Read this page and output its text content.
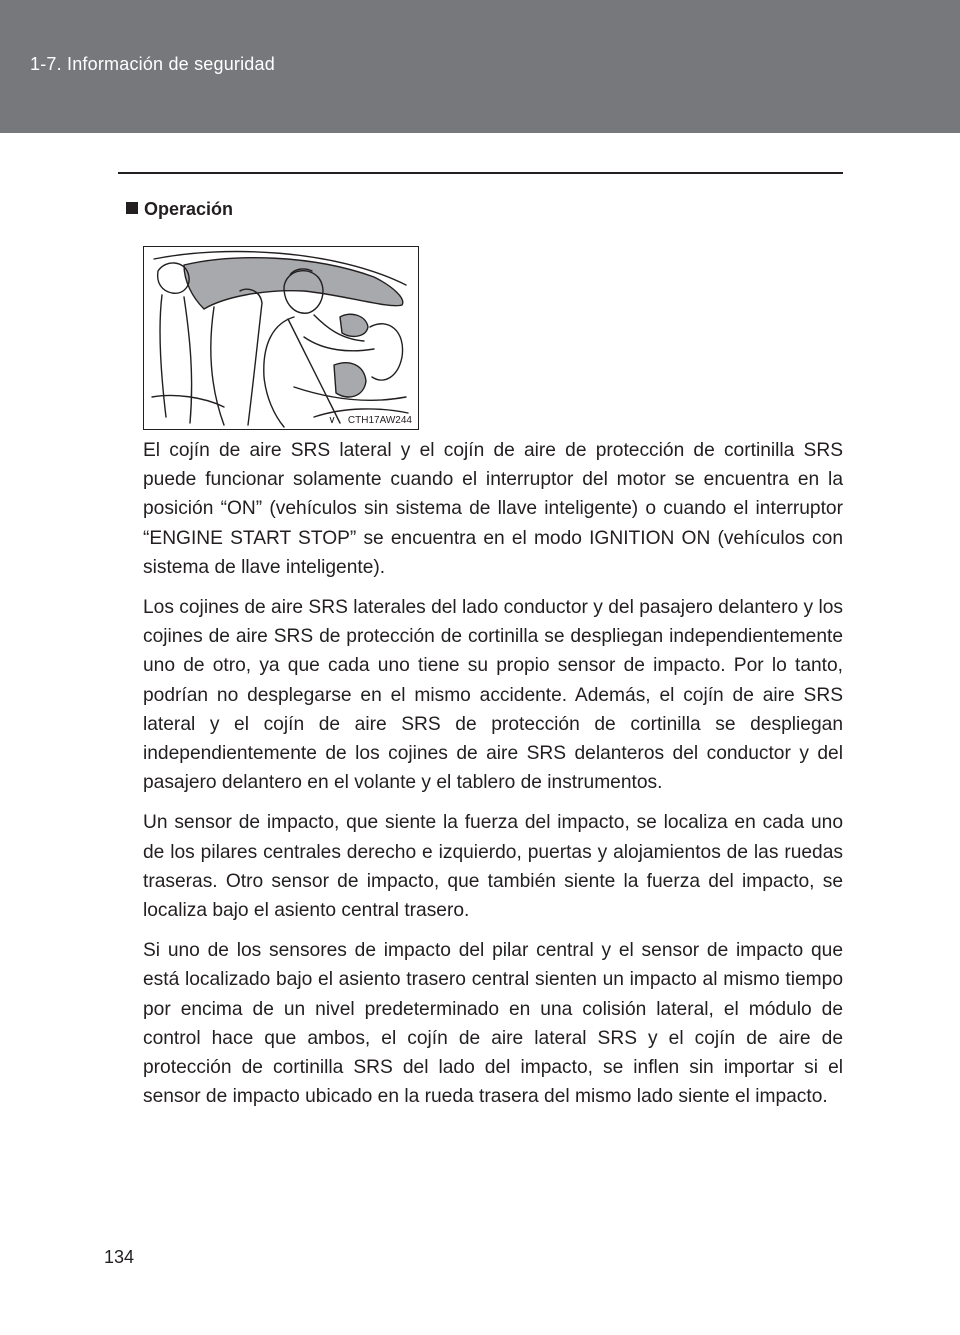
1-7. Información de seguridad
Operación
CTH17AW244

El cojín de aire SRS lateral y el cojín de aire de protección de cortinilla SRS puede funcionar solamente cuando el interruptor del motor se encuentra en la posición “ON” (vehículos sin sistema de llave inteligente) o cuando el interruptor “ENGINE START STOP” se encuentra en el modo IGNITION ON (vehículos con sistema de llave inteligente).

Los cojines de aire SRS laterales del lado conductor y del pasajero delantero y los cojines de aire SRS de protección de cortinilla se despliegan independientemente uno de otro, ya que cada uno tiene su propio sensor de impacto. Por lo tanto, podrían no desplegarse en el mismo accidente. Además, el cojín de aire SRS lateral y el cojín de aire SRS de protección de cortinilla se despliegan independientemente de los cojines de aire SRS delanteros del conductor y del pasajero delantero en el volante y el tablero de instrumentos.

Un sensor de impacto, que siente la fuerza del impacto, se localiza en cada uno de los pilares centrales derecho e izquierdo, puertas y alojamientos de las ruedas traseras. Otro sensor de impacto, que también siente la fuerza del impacto, se localiza bajo el asiento central trasero.

Si uno de los sensores de impacto del pilar central y el sensor de impacto que está localizado bajo el asiento trasero central sienten un impacto al mismo tiempo por encima de un nivel predeterminado en una colisión lateral, el módulo de control hace que ambos, el cojín de aire lateral SRS y el cojín de aire de protección de cortinilla SRS del lado del impacto, se inflen sin importar si el sensor de impacto ubicado en la rueda trasera del mismo lado siente el impacto.

134
